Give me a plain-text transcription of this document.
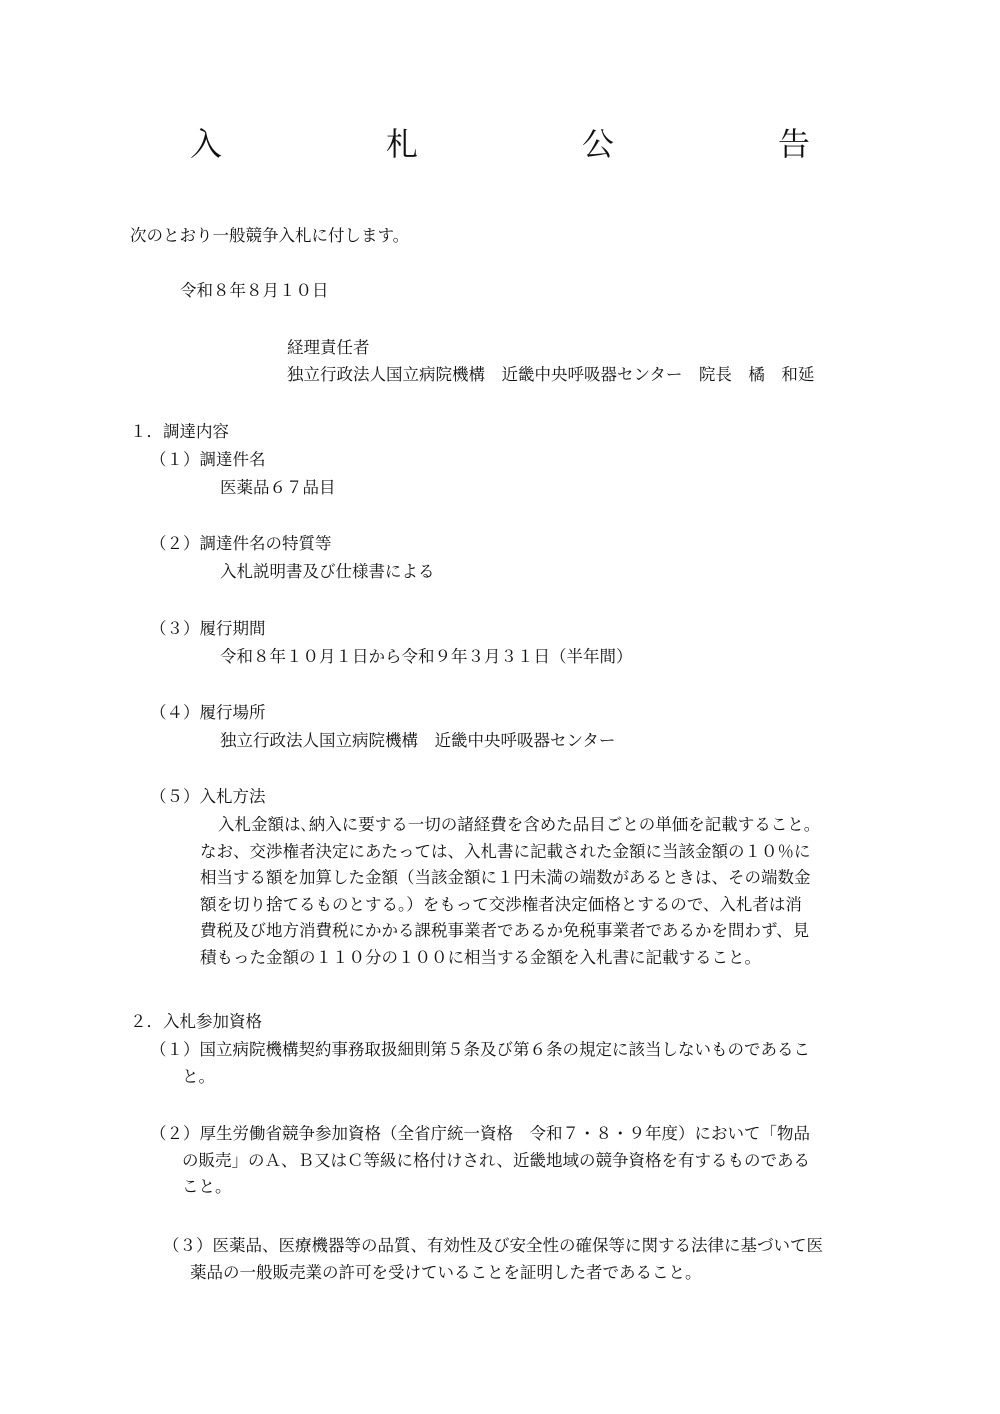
入　札　公　告
次のとおり一般競争入札に付します。
令和８年８月１０日
経理責任者
独立行政法人国立病院機構　近畿中央呼吸器センター　院長　橘　和延
１．調達内容
（１）調達件名
医薬品６７品目
（２）調達件名の特質等
入札説明書及び仕様書による
（３）履行期間
令和８年１０月１日から令和９年３月３１日（半年間）
（４）履行場所
独立行政法人国立病院機構　近畿中央呼吸器センター
（５）入札方法
入札金額は､納入に要する一切の諸経費を含めた品目ごとの単価を記載すること。
なお、交渉権者決定にあたっては、入札書に記載された金額に当該金額の１０％に
相当する額を加算した金額（当該金額に１円未満の端数があるときは、その端数金
額を切り捨てるものとする。）をもって交渉権者決定価格とするので、入札者は消
費税及び地方消費税にかかる課税事業者であるか免税事業者であるかを問わず、見
積もった金額の１１０分の１００に相当する金額を入札書に記載すること。
２．入札参加資格
（１）国立病院機構契約事務取扱細則第５条及び第６条の規定に該当しないものであるこ
と。
（２）厚生労働省競争参加資格（全省庁統一資格　令和７・８・９年度）において「物品
の販売」のＡ、Ｂ又はＣ等級に格付けされ、近畿地域の競争資格を有するものである
こと。
（３）医薬品、医療機器等の品質、有効性及び安全性の確保等に関する法律に基づいて医
薬品の一般販売業の許可を受けていることを証明した者であること。
